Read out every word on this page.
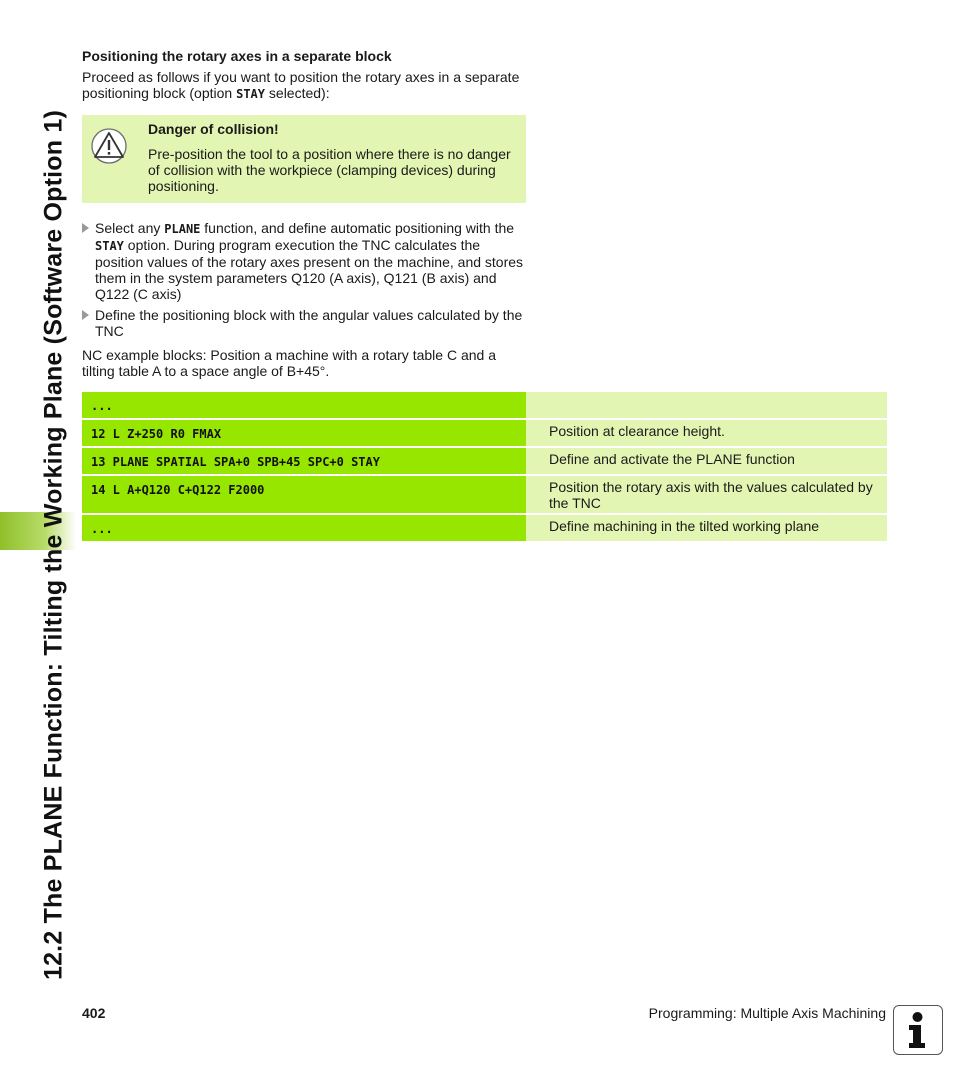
12.2 The PLANE Function: Tilting the Working Plane (Software Option 1)

Positioning the rotary axes in a separate block

Proceed as follows if you want to position the rotary axes in a separate positioning block (option STAY selected):

Danger of collision!
Pre-position the tool to a position where there is no danger of collision with the workpiece (clamping devices) during positioning.
Select any PLANE function, and define automatic positioning with the STAY option. During program execution the TNC calculates the position values of the rotary axes present on the machine, and stores them in the system parameters Q120 (A axis), Q121 (B axis) and Q122 (C axis)
Define the positioning block with the angular values calculated by the TNC
NC example blocks: Position a machine with a rotary table C and a tilting table A to a space angle of B+45°.
...
12 L Z+250 R0 FMAX	Position at clearance height.
13 PLANE SPATIAL SPA+0 SPB+45 SPC+0 STAY	Define and activate the PLANE function
14 L A+Q120 C+Q122 F2000	Position the rotary axis with the values calculated by the TNC
...	Define machining in the tilted working plane
402	Programming: Multiple Axis Machining
